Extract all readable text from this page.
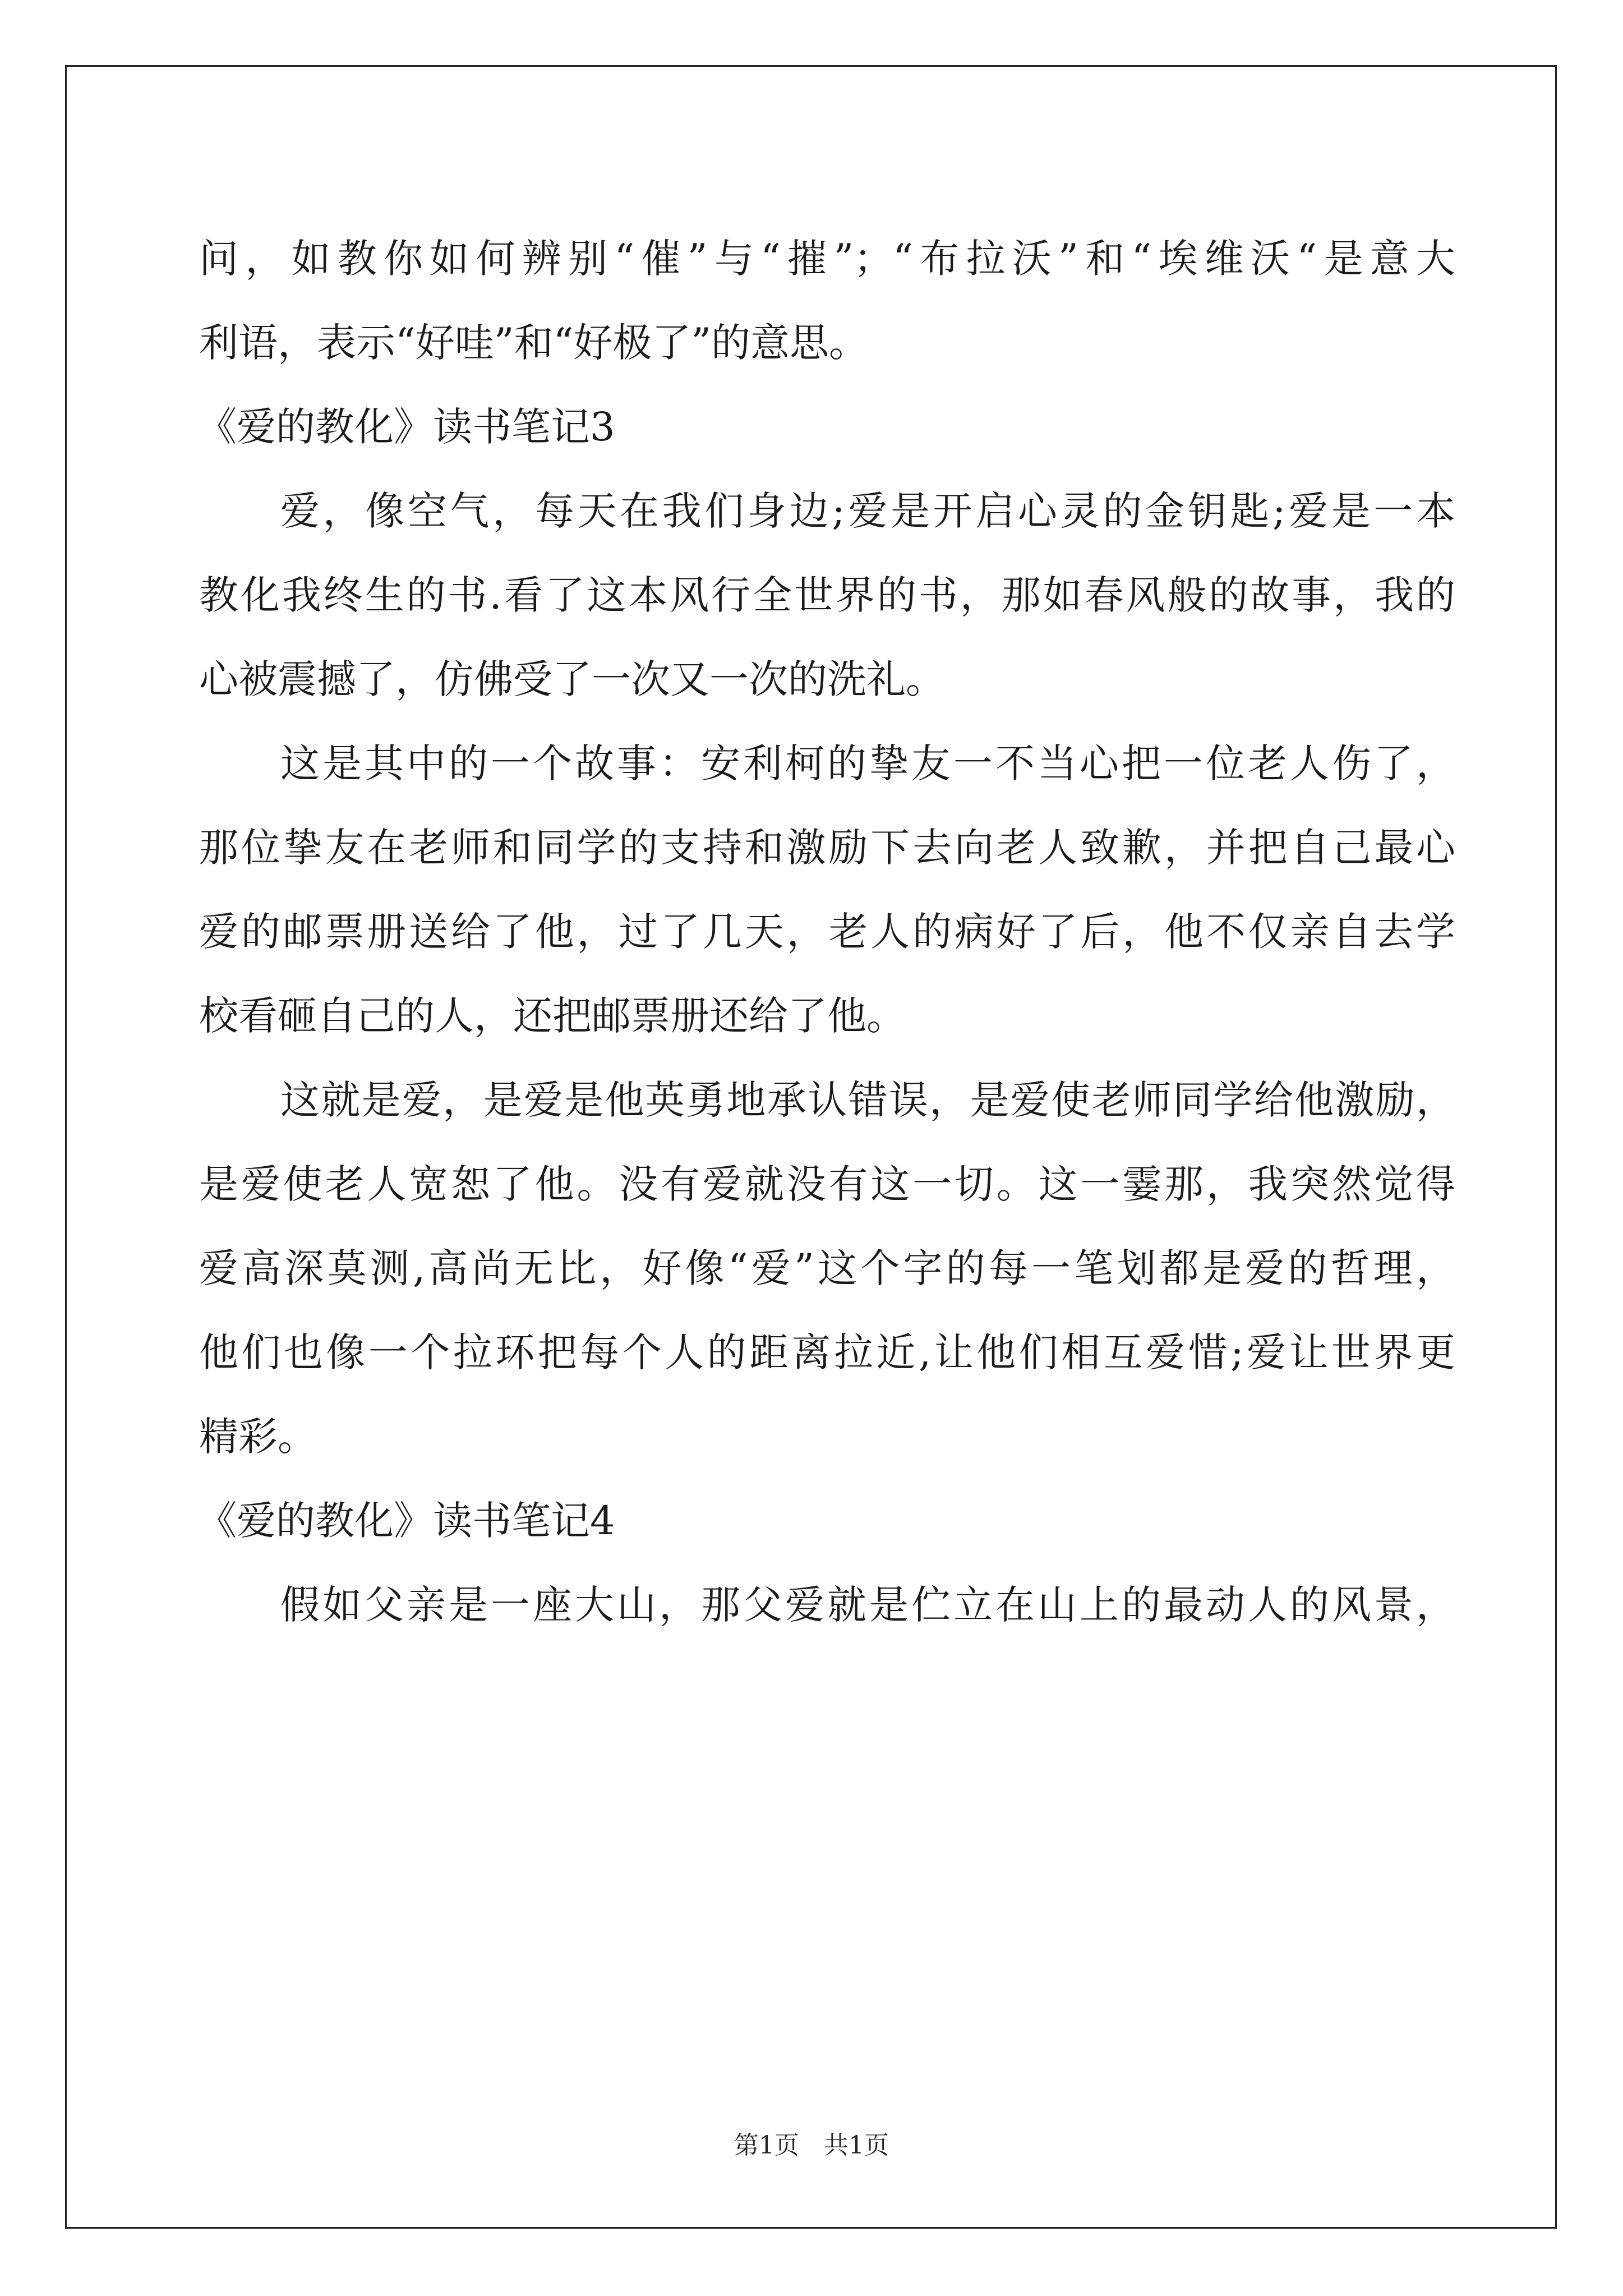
问，如教你如何辨别“催”与“摧”；“布拉沃”和“埃维沃“是意大
利语，表示“好哇”和“好极了”的意思。
《爱的教化》读书笔记3
爱，像空气，每天在我们身边;爱是开启心灵的金钥匙;爱是一本
教化我终生的书.看了这本风行全世界的书，那如春风般的故事，我的
心被震撼了，仿佛受了一次又一次的洗礼。
这是其中的一个故事：安利柯的挚友一不当心把一位老人伤了，
那位挚友在老师和同学的支持和激励下去向老人致歉，并把自己最心
爱的邮票册送给了他，过了几天，老人的病好了后，他不仅亲自去学
校看砸自己的人，还把邮票册还给了他。
这就是爱，是爱是他英勇地承认错误，是爱使老师同学给他激励，
是爱使老人宽恕了他。没有爱就没有这一切。这一霎那，我突然觉得
爱高深莫测,高尚无比，好像“爱”这个字的每一笔划都是爱的哲理，
他们也像一个拉环把每个人的距离拉近,让他们相互爱惜;爱让世界更
精彩。
《爱的教化》读书笔记4
假如父亲是一座大山，那父爱就是伫立在山上的最动人的风景，
第1页　共1页
